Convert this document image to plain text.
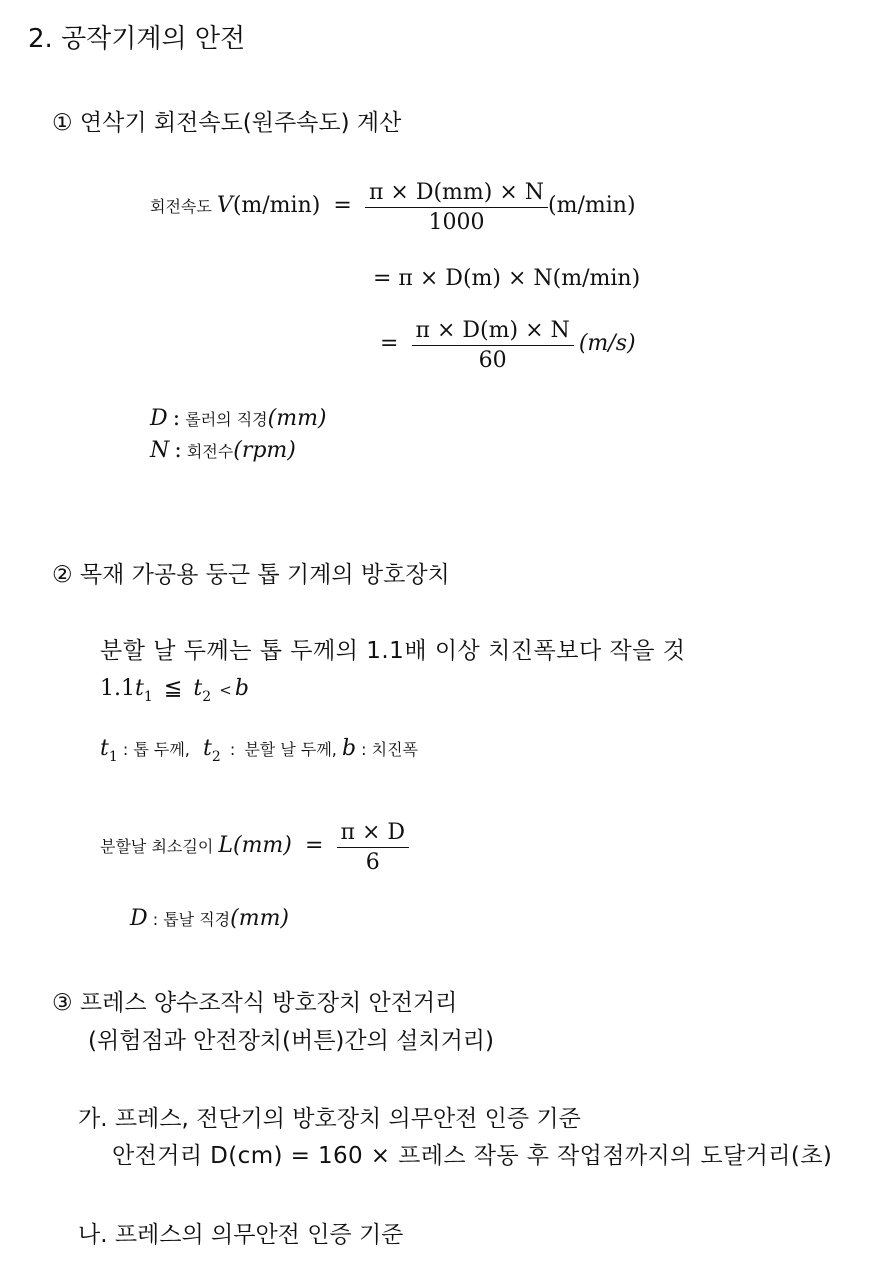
2. 공작기계의 안전
① 연삭기 회전속도(원주속도) 계산
회전속도 $V(m/\min) = \frac{\pi \times D(mm) \times N}{1000} (m/\min)$
= π × D(m) × N(m/min)
= $\frac{\pi \times D(m) \times N}{60} (m/s)$
D : 롤러의 직경(mm)
N : 회전수(rpm)
② 목재 가공용 둥근 톱 기계의 방호장치
분할 날 두께는 톱 두께의 1.1배 이상 치진폭보다 작을 것
1.1t1 ≦ t2 < b
t1 : 톱 두께, t2 : 분할 날 두께, b : 치진폭
분할날 최소길이 $L(mm) = \frac{\pi \times D}{6}$
D : 톱날 직경(mm)
③ 프레스 양수조작식 방호장치 안전거리
(위험점과 안전장치(버튼)간의 설치거리)
가. 프레스, 전단기의 방호장치 의무안전 인증 기준
안전거리 D(cm) = 160 × 프레스 작동 후 작업점까지의 도달거리(초)
나. 프레스의 의무안전 인증 기준
